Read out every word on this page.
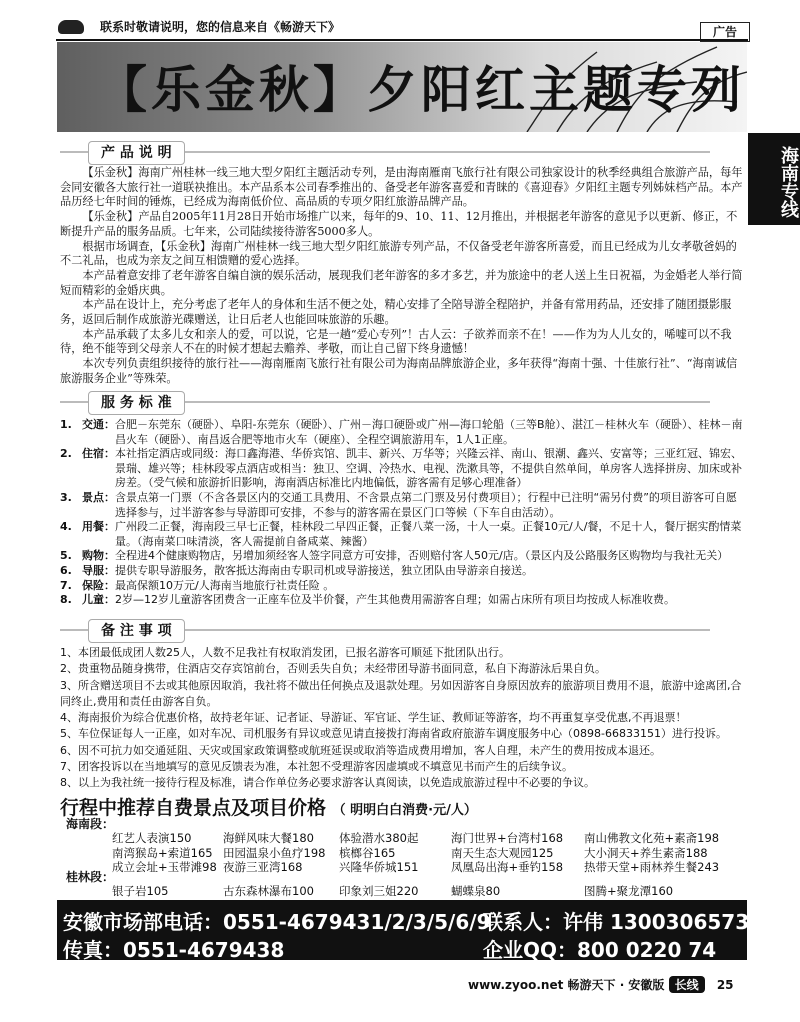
联系时敬请说明，您的信息来自《畅游天下》	广告
【乐金秋】夕阳红主题专列
海南专线
产 品 说 明

【乐金秋】海南广州桂林一线三地大型夕阳红主题活动专列，是由海南雁南飞旅行社有限公司独家设计的秋季经典组合旅游产品，每年会同安徽各大旅行社一道联袂推出。本产品系本公司春季推出的、备受老年游客喜爱和青睐的《喜迎春》夕阳红主题专列姊妹档产品。本产品历经七年时间的锤炼，已经成为海南低价位、高品质的专项夕阳红旅游品牌产品。

【乐金秋】产品自2005年11月28日开始市场推广以来，每年的9、10、11、12月推出，并根据老年游客的意见予以更新、修正，不断提升产品的服务品质。七年来，公司陆续接待游客5000多人。

根据市场调查，【乐金秋】海南广州桂林一线三地大型夕阳红旅游专列产品，不仅备受老年游客所喜爱，而且已经成为儿女孝敬爸妈的不二礼品，也成为亲友之间互相馈赠的爱心选择。

本产品着意安排了老年游客自编自演的娱乐活动，展现我们老年游客的多才多艺，并为旅途中的老人送上生日祝福，为金婚老人举行简短而精彩的金婚庆典。

本产品在设计上，充分考虑了老年人的身体和生活不便之处，精心安排了全陪导游全程陪护，并备有常用药品，还安排了随团摄影服务，返回后制作成旅游光碟赠送，让日后老人也能回味旅游的乐趣。

本产品承载了太多儿女和亲人的爱，可以说，它是一趟“爱心专列”！古人云：子欲养而亲不在！——作为为人儿女的，唏嘘可以不我待，绝不能等到父母亲人不在的时候才想起去赡养、孝敬，而让自己留下终身遗憾！

本次专列负责组织接待的旅行社——海南雁南飞旅行社有限公司为海南品牌旅游企业，多年获得“海南十强、十佳旅行社”、“海南诚信旅游服务企业”等殊荣。

服 务 标 准
1. 交通： 合肥－东莞东（硬卧）、阜阳-东莞东（硬卧）、广州－海口硬卧或广州—海口轮船（三等B舱）、湛江－桂林火车（硬卧）、桂林－南昌火车（硬卧）、南昌返合肥等地市火车（硬座）、全程空调旅游用车，1人1正座。
2. 住宿： 本社指定酒店或同级：海口鑫海港、华侨宾馆、凯丰、新兴、万华等；兴隆云祥、南山、银潮、鑫兴、安富等；三亚红冠、锦宏、景瑞、雄兴等；桂林段零点酒店或相当：独卫、空调、冷热水、电视、洗漱具等，不提供自然单间，单房客人选择拼房、加床或补房差。（受气候和旅游折旧影响，海南酒店标准比内地偏低，游客需有足够心理准备）
3. 景点： 含景点第一门票（不含各景区内的交通工具费用、不含景点第二门票及另付费项目）；行程中已注明“需另付费”的项目游客可自愿选择参与，过半游客参与导游即可安排，不参与的游客需在景区门口等候（下车自由活动）。
4. 用餐： 广州段二正餐，海南段三早七正餐，桂林段二早四正餐，正餐八菜一汤，十人一桌。正餐10元/人/餐，不足十人，餐厅据实酌情菜量。（海南菜口味清淡，客人需提前自备咸菜、辣酱）
5. 购物： 全程进4个健康购物店，另增加须经客人签字同意方可安排，否则赔付客人50元/店。（景区内及公路服务区购物均与我社无关）
6. 导服： 提供专职导游服务，散客抵达海南由专职司机或导游接送，独立团队由导游亲自接送。
7. 保险： 最高保额10万元/人海南当地旅行社责任险 。
8. 儿童： 2岁—12岁儿童游客团费含一正座车位及半价餐，产生其他费用需游客自理；如需占床所有项目均按成人标准收费。
备 注 事 项

1、本团最低成团人数25人，人数不足我社有权取消发团，已报名游客可顺延下批团队出行。

2、贵重物品随身携带，住酒店交存宾馆前台，否则丢失自负；未经带团导游书面同意，私自下海游泳后果自负。

3、所含赠送项目不去或其他原因取消，我社将不做出任何换点及退款处理。另如因游客自身原因放弃的旅游项目费用不退，旅游中途离团,合同终止,费用和责任由游客自负。

4、海南报价为综合优惠价格，故持老年证、记者证、导游证、军官证、学生证、教师证等游客，均不再重复享受优惠,不再退票！

5、车位保证每人一正座，如对车况、司机服务有异议或意见请直接拨打海南省政府旅游车调度服务中心（0898-66833151）进行投诉。

6、因不可抗力如交通延阻、天灾或国家政策调整或航班延误或取消等造成费用增加，客人自理，未产生的费用按成本退还。

7、团客投诉以在当地填写的意见反馈表为准，本社恕不受理游客因虚填或不填意见书而产生的后续争议。

8、以上为我社统一接待行程及标准，请合作单位务必要求游客认真阅读，以免造成旅游过程中不必要的争议。

行程中推荐自费景点及项目价格 （ 明明白白消费·元/人）
海南段：
红艺人表演150	海鲜风味大餐180	体验潜水380起	海门世界+台湾村168	南山佛教文化苑+素斋198
南湾猴岛+索道165 田园温泉小鱼疗198	槟榔谷165	南天生态大观园125	大小洞天+养生素斋188
成立会址+玉带滩98 夜游三亚湾168	兴隆华侨城151	凤凰岛出海+垂钓158	热带天堂+雨林养生餐243
桂林段：
银子岩105	古东森林瀑布100	印象刘三姐220	蝴蝶泉80	图腾+聚龙潭160
安徽市场部电话：0551-4679431/2/3/5/6/9
联系人：许伟 13003065737
传真：0551-4679438	企业QQ：800 0220 74
www.zyoo.net 畅游天下 · 安徽版 长线 25
